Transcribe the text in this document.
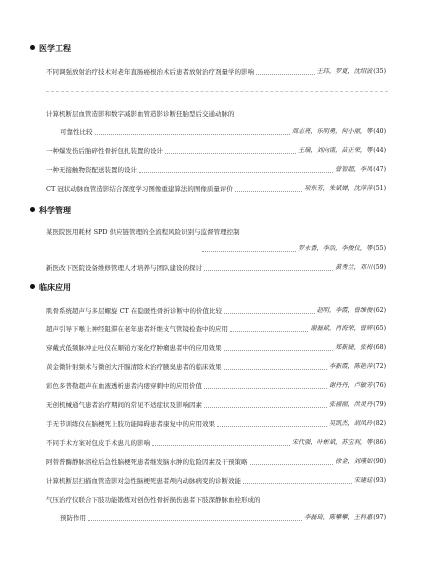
医学工程
不同调强放射治疗技术对老年直肠癌根治术后患者放射治疗剂量学的影响	王玮，罗夏，沈绍波 (35)
计算机断层血管造影和数字减影血管造影诊断狂胎型后交通动脉的
可靠性比较	周志亮，乐明勇，何小丽，等 (40)
一种爆发伤后胎碎性骨折包扎装置的设计	王瑞，刘向南，苗正荣，等 (44)
一种无接触物资配送装置的设计	曾智超，李凤 (47)
CT 冠状动脉血管造影结合深度学习图像重建算法的图像质量评价	项东芳，朱斌婵，沈萍萍 (51)
科学管理
某医院医用耗材 SPD 供应链管理的全流程风险识别与监督管理控制
罗永香，李浩，李俊仪，等 (55)
新医改下医院设备维修管理人才培养与团队建设的探讨	黄秀兰，邓川 (59)
临床应用
肌骨系统超声与多层螺旋 CT 在隐匿性骨折诊断中的价值比较	赵明，李霞，曾维俊 (62)
超声引导下喉上神经阻滞在老年患者纤维支气管镜检查中的应用	谢磊斌，肖海荣，曾辉 (65)
穿戴式低频脉冲止吐仪在顺铂方案化疗肿瘤患者中的应用效果	郑新捷，张梅 (68)
黄金微针射频术与微创大汗腺清除术治疗腋臭患者的临床效果	李新霞，陈艳萍 (72)
彩色多普勒超声在血液透析患者内瘘穿刺中的应用价值	谢丹丹，卢敏芳 (76)
无创机械通气患者治疗期间的常见不适症状及影响因素	张福丽，洪灵丹 (79)
手无节训练仪在脑梗死上肢功能障碍患者康复中的应用效果	吴凯杰，胡凤玲 (82)
不同手术方案对包皮手术患儿的影响	宋代强，叶彬斌，苏宝利，等 (86)
阿替普酶静脉溶栓后急性脑梗死患者继发脑水肿的危险因素及干预策略	徐金，刘瑾如 (90)
计算机断层扫描血管造影对急性脑梗死患者颅内动脉病变的诊断效能	宋建廷 (93)
气压治疗仪联合下肢功能锻炼对创伤性骨折损伤患者下肢深静脉血栓形成的
预防作用	李磊琦，陈攀攀，王科惠 (97)
